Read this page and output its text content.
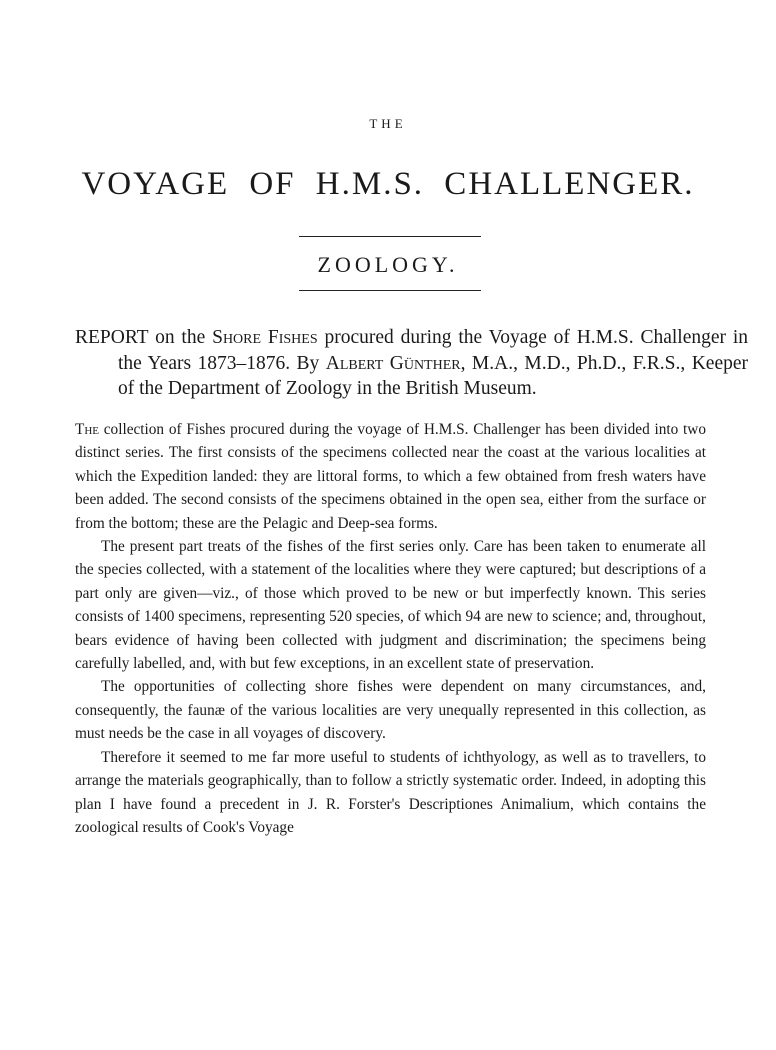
THE
VOYAGE OF H.M.S. CHALLENGER.
ZOOLOGY.
REPORT on the Shore Fishes procured during the Voyage of H.M.S. Challenger in the Years 1873–1876. By Albert Günther, M.A., M.D., Ph.D., F.R.S., Keeper of the Department of Zoology in the British Museum.

The collection of Fishes procured during the voyage of H.M.S. Challenger has been divided into two distinct series. The first consists of the specimens collected near the coast at the various localities at which the Expedition landed: they are littoral forms, to which a few obtained from fresh waters have been added. The second consists of the specimens obtained in the open sea, either from the surface or from the bottom; these are the Pelagic and Deep-sea forms.

The present part treats of the fishes of the first series only. Care has been taken to enumerate all the species collected, with a statement of the localities where they were captured; but descriptions of a part only are given—viz., of those which proved to be new or but imperfectly known. This series consists of 1400 specimens, representing 520 species, of which 94 are new to science; and, throughout, bears evidence of having been collected with judgment and discrimination; the specimens being carefully labelled, and, with but few exceptions, in an excellent state of preservation.

The opportunities of collecting shore fishes were dependent on many circumstances, and, consequently, the faunæ of the various localities are very unequally represented in this collection, as must needs be the case in all voyages of discovery.

Therefore it seemed to me far more useful to students of ichthyology, as well as to travellers, to arrange the materials geographically, than to follow a strictly systematic order. Indeed, in adopting this plan I have found a precedent in J. R. Forster's Descriptiones Animalium, which contains the zoological results of Cook's Voyage
